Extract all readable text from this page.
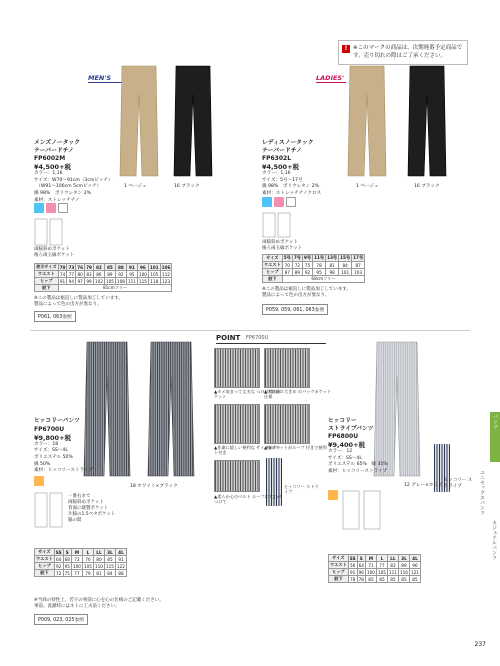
!	※このマークの商品は、次期廃番予定商品です。売り切れの際はご了承ください。
MEN'S
1 ベージュ	16 ブラック
メンズノータック
テーパードチノ
FP6002M
¥4,500+税
カラー：1,16
サイズ：W70〜91cm（3cmピッチ）
　（W91〜106cm 5cmピッチ）
綿 98%　ポリウレタン 2%
素材：ストレッチチノ
両脇斜めポケット
後ろ両玉縁ポケット
表示サイズ	70	73	76	79	82	85	88	91	96	101	106
ウエスト	74	77	80	83	86	89	92	95	100	105	112
ヒップ	91	94	97	99	102	105	108	111	115	118	123
股下	81cmフリー										
※この製品は裾直しに製品加工しています。
製品によって色の出方が異なり、
P061, 063参照
LADIES'
1 ベージュ	16 ブラック
レディスノータック
テーパードチノ
FP6302L
¥4,500+税
カラー：1,16
サイズ：5号〜17号
綿 98%　ポリウレタン 2%
素材：ストレッチチノクロス
両脇斜めポケット
後ろ両玉縁ポケット
サイズ	5号	7号	9号	11号	13号	15号	17号
ウエスト	70	72	75	78	81	84	87
ヒップ	87	89	92	95	98	101	103
股下	68cmフリー						
※この製品は裾直しに製品加工しています。
製品によって色の出方が異なり、
P059, 059, 061, 063参照
POINT FP6700U
▲カメ収まって丈夫な つけ仕様のポケット
▲大容量ス大きめ のバックポケット仕様
▲作業に嬉しい便利な サイドポケット付き
▲脇ポケットがループ 付きで便利
▲柔らか心のベルト ループに大工がつけて
ヒッコリー ストライプ
12 グレー×ホワイト
ヒッコリー ストライプ
ヒッコリーパンツ
FP6700U
¥9,800+税
カラー：18
サイズ：SS〜4L
ポリエステル 50%
綿 50%
素材：ヒッコリーストライプ
18 ホワイト×ブラック
一番右まで
両脇斜めポケット
背面に縫製ポケット
片脇の1.5ペタポケット
脇の間
サイズ	SS	S	M	L	LL	3L	4L
ウエスト	64	68	72	76	80	85	91
ヒップ	92	95	100	105	110	115	122
股下	72	75	77	79	81	84	88
※当商の特性上、若干の事前に心を心の仕様のご記載ください。
事前、洗濯時にはネトに工夫前ください。
P009, 023, 025参照
ヒッコリー
ストライプパンツ
FP6800U
¥9,400+税
カラー：12
サイズ：SS〜4L
ポリエステル 65%　綿 35%
素材：ヒッコリーストライプ
サイズ	SS	S	M	L	LL	3L	4L
ウエスト	56	64	71	77	83	89	96
ヒップ	91	96	100	105	111	116	121
股下	78	78	85	85	85	85	85
パンツ
ユニセックスパンツ
カジュアルパンツ
237
